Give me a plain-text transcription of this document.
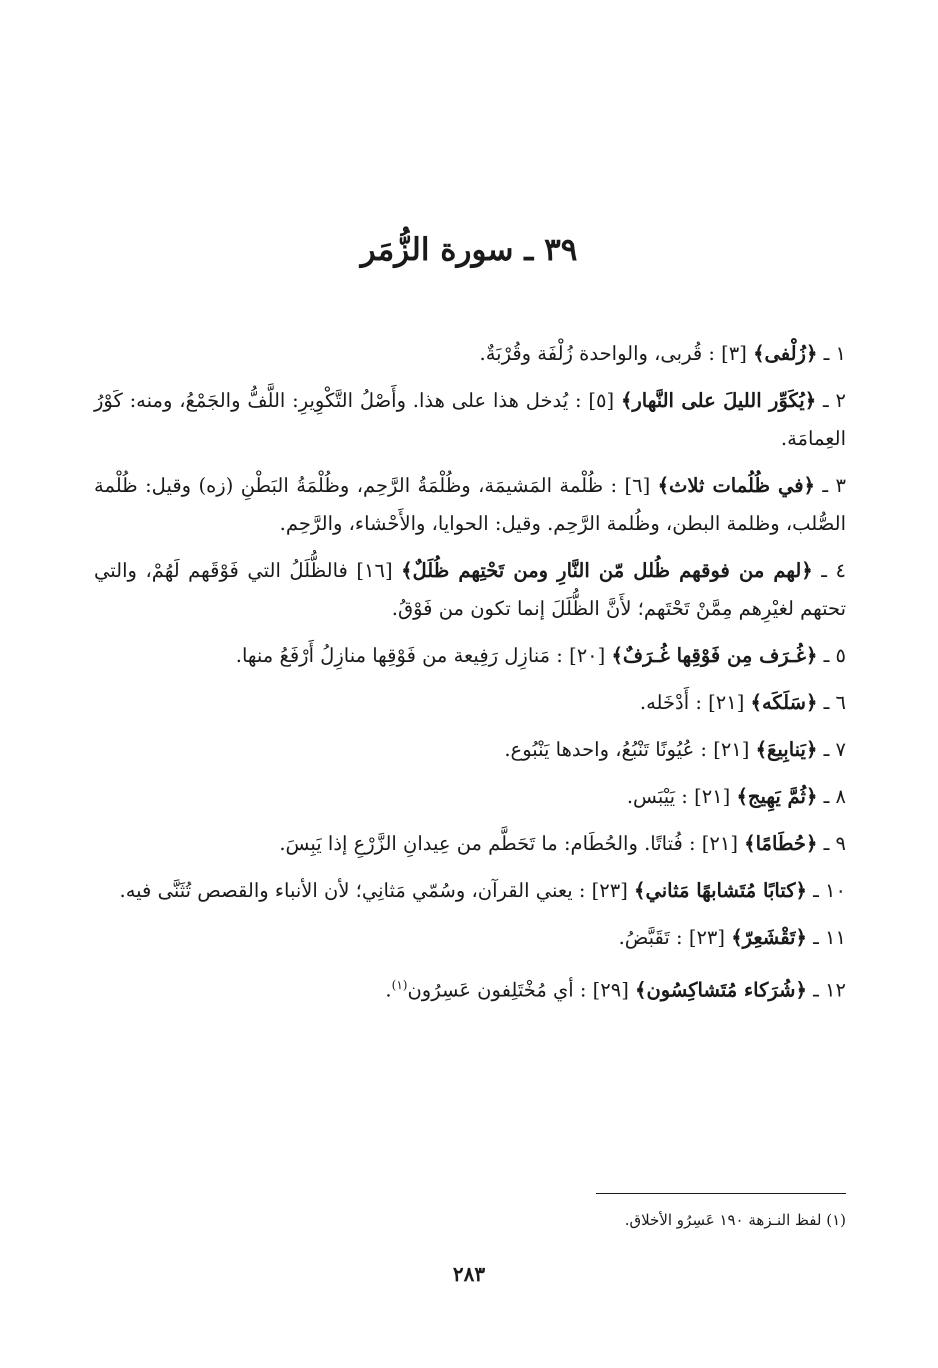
٣٩ ـ سورة الزُّمَر

١ ـ ﴿زُلْفى﴾ [٣] : قُربى، والواحدة زُلْفَة وقُرْبَةٌ.

٢ ـ ﴿يُكَوِّر الليلَ على النَّهار﴾ [٥] : يُدخل هذا على هذا. وأَصْلُ التَّكْوِيرِ: اللَّفُّ والجَمْعُ، ومنه: كَوْرُ العِمامَة.

٣ ـ ﴿في ظُلُمات ثلاث﴾ [٦] : ظُلْمة المَشيمَة، وظُلْمَةُ الرَّحِم، وظُلْمَةُ البَطْنِ (زه) وقيل: ظُلْمة الصُّلب، وظلمة البطن، وظُلمة الرَّحِم. وقيل: الحوايا، والأَحْشاء، والرَّحِم.

٤ ـ ﴿لهم من فوقهم ظُلل مّن النَّارِ ومن تَحْتِهم ظُلَلٌ﴾ [١٦] فالظُّلَلُ التي فَوْقَهم لَهُمْ، والتي تحتهم لغيْرِهم مِمَّنْ تَحْتَهم؛ لأَنَّ الظُّلَلَ إنما تكون من فَوْقُ.

٥ ـ ﴿غُـرَف مِن فَوْقِها غُـرَفٌ﴾ [٢٠] : مَنازِل رَفِيعة من فَوْقِها منازِلُ أَرْفَعُ منها.

٦ ـ ﴿سَلَكَه﴾ [٢١] : أَدْخَله.

٧ ـ ﴿يَنابِيعَ﴾ [٢١] : عُيُونًا تَنْبُعُ، واحدها يَنْبُوع.

٨ ـ ﴿ثُمَّ يَهِيج﴾ [٢١] : يَيْبَس.

٩ ـ ﴿حُطَامًا﴾ [٢١] : فُتاتًا. والحُطَام: ما تَحَطَّم من عِيدانِ الزَّرْعِ إذا يَبِسَ.

١٠ ـ ﴿كتابًا مُتَشابهًا مَثاني﴾ [٢٣] : يعني القرآن، وسُمّي مَثانِي؛ لأن الأنباء والقصص تُثَنَّى فيه.

١١ ـ ﴿تَقْشَعِرّ﴾ [٢٣] : تَقَبَّضُ.

١٢ ـ ﴿شُرَكاء مُتَشاكِسُون﴾ [٢٩] : أي مُخْتَلِفون عَسِرُون$^{(١)}$.

(١) لفظ النـزهة ١٩٠ عَسِرُو الأخلاق.
٢٨٣
